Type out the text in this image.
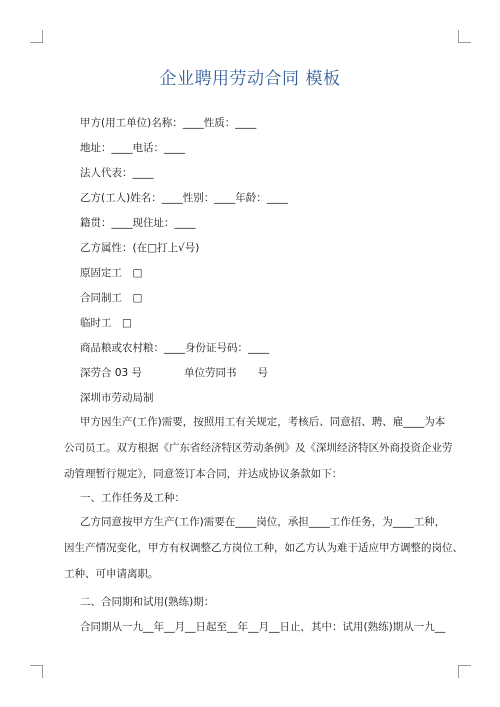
企业聘用劳动合同 模板
甲方(用工单位)名称：____性质：____
地址：____电话：____
法人代表：____
乙方(工人)姓名：____性别：____年龄：____
籍贯：____现住址：____
乙方属性：(在□打上√号)
原固定工　□
合同制工　□
临时工　□
商品粮或农村粮：____身份证号码：____
深劳合 03 号　　　　单位劳同书　　号
深圳市劳动局制
甲方因生产(工作)需要，按照用工有关规定，考核后、同意招、聘、雇____为本
公司员工。双方根据《广东省经济特区劳动条例》及《深圳经济特区外商投资企业劳
动管理暂行规定》，同意签订本合同，并达成协议条款如下：
一、工作任务及工种：
乙方同意按甲方生产(工作)需要在____岗位，承担____工作任务，为____工种，
因生产情况变化，甲方有权调整乙方岗位工种，如乙方认为难于适应甲方调整的岗位、
工种、可申请离职。
二、合同期和试用(熟练)期：
合同期从一九__年__月__日起至__年__月__日止，其中：试用(熟练)期从一九__
